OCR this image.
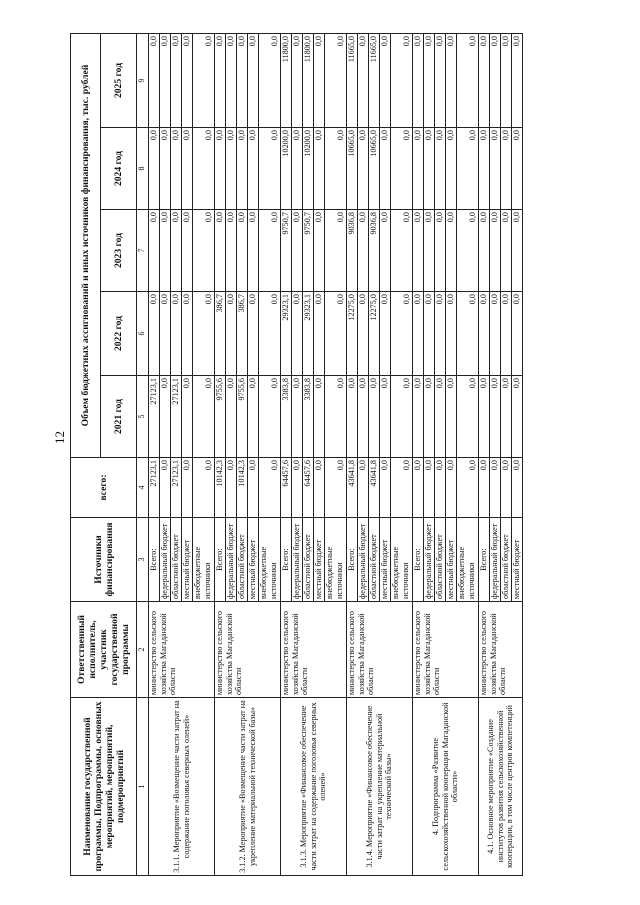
12
Наименование государственной программы, Подпрограммы, основных мероприятий, мероприятий, подмероприятий	Ответственный исполнитель, участник государственной программы	Источники финансирования	всего:	Объем бюджетных ассигнований и иных источников финансирования, тыс. рублей				
				2021 год	2022 год	2023 год	2024 год	2025 год
1	2	3	4	5	6	7	8	9
3.1.1. Мероприятие «Возмещение части затрат на содержание поголовья северных оленей»	министерство сельского хозяйства Магаданской области	Всего:	27123,1	27123,1	0,0	0,0	0,0	0,0
		федеральный бюджет	0,0	0,0	0,0	0,0	0,0	0,0
		областной бюджет	27123,1	27123,1	0,0	0,0	0,0	0,0
		местный бюджет	0,0	0,0	0,0	0,0	0,0	0,0
		внебюджетные источники	0,0	0,0	0,0	0,0	0,0	0,0
3.1.2. Мероприятие «Возмещение части затрат на укрепление материальной технической базы»	министерство сельского хозяйства Магаданской области	Всего:	10142,3	9755,6	386,7	0,0	0,0	0,0
		федеральный бюджет	0,0	0,0	0,0	0,0	0,0	0,0
		областной бюджет	10142,3	9755,6	386,7	0,0	0,0	0,0
		местный бюджет	0,0	0,0	0,0	0,0	0,0	0,0
		внебюджетные источники	0,0	0,0	0,0	0,0	0,0	0,0
3.1.3. Мероприятие «Финансовое обеспечение части затрат на содержание поголовья северных оленей»	министерство сельского хозяйства Магаданской области	Всего:	64457,6	3383,8	29323,1	9750,7	10200,0	11800,0
		федеральный бюджет	0,0	0,0	0,0	0,0	0,0	0,0
		областной бюджет	64457,6	3383,8	29323,1	9750,7	10200,0	11800,0
		местный бюджет	0,0	0,0	0,0	0,0	0,0	0,0
		внебюджетные источники	0,0	0,0	0,0	0,0	0,0	0,0
3.1.4. Мероприятие «Финансовое обеспечение части затрат на укрепление материальной технической базы»	министерство сельского хозяйства Магаданской области	Всего:	43641,8	0,0	12275,0	9036,8	10665,0	11665,0
		федеральный бюджет	0,0	0,0	0,0	0,0	0,0	0,0
		областной бюджет	43641,8	0,0	12275,0	9036,8	10665,0	11665,0
		местный бюджет	0,0	0,0	0,0	0,0	0,0	0,0
		внебюджетные источники	0,0	0,0	0,0	0,0	0,0	0,0
4. Подпрограмма «Развитие сельскохозяйственной кооперации Магаданской области»	министерство сельского хозяйства Магаданской области	Всего:	0,0	0,0	0,0	0,0	0,0	0,0
		федеральный бюджет	0,0	0,0	0,0	0,0	0,0	0,0
		областной бюджет	0,0	0,0	0,0	0,0	0,0	0,0
		местный бюджет	0,0	0,0	0,0	0,0	0,0	0,0
		внебюджетные источники	0,0	0,0	0,0	0,0	0,0	0,0
4.1. Основное мероприятие «Создание институтов развития сельскохозяйственной кооперации, в том числе центров компетенций	министерство сельского хозяйства Магаданской области	Всего:	0,0	0,0	0,0	0,0	0,0	0,0
		федеральный бюджет	0,0	0,0	0,0	0,0	0,0	0,0
		областной бюджет	0,0	0,0	0,0	0,0	0,0	0,0
		местный бюджет	0,0	0,0	0,0	0,0	0,0	0,0
